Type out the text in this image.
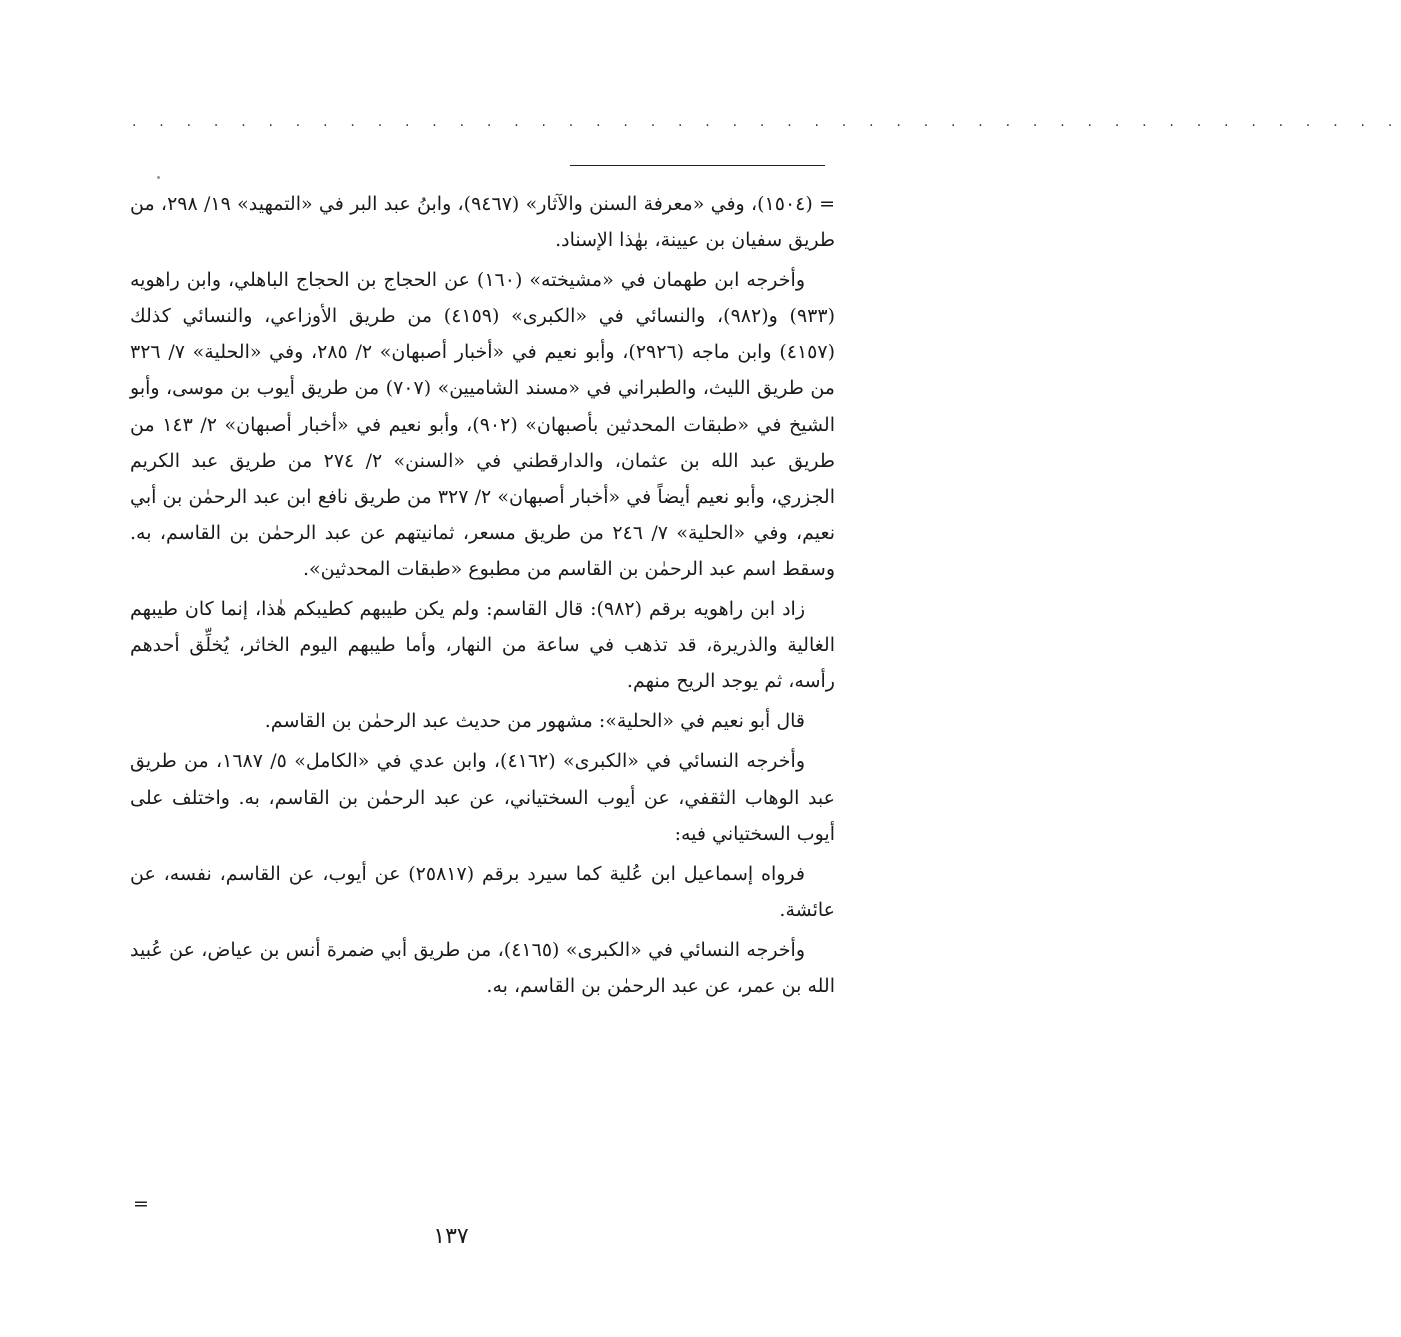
. . . . . . . . . . . . . . . . . . . . . . . . . . . . . . . . . . . . . . . . . . . . . . .

= (١٥٠٤)، وفي «معرفة السنن والآثار» (٩٤٦٧)، وابنُ عبد البر في «التمهيد» ١٩/ ٢٩٨، من طريق سفيان بن عيينة، بهٰذا الإسناد.

وأخرجه ابن طهمان في «مشيخته» (١٦٠) عن الحجاج بن الحجاج الباهلي، وابن راهويه (٩٣٣) و(٩٨٢)، والنسائي في «الكبرى» (٤١٥٩) من طريق الأوزاعي، والنسائي كذلك (٤١٥٧) وابن ماجه (٢٩٢٦)، وأبو نعيم في «أخبار أصبهان» ٢/ ٢٨٥، وفي «الحلية» ٧/ ٣٢٦ من طريق الليث، والطبراني في «مسند الشاميين» (٧٠٧) من طريق أيوب بن موسى، وأبو الشيخ في «طبقات المحدثين بأصبهان» (٩٠٢)، وأبو نعيم في «أخبار أصبهان» ٢/ ١٤٣ من طريق عبد الله بن عثمان، والدارقطني في «السنن» ٢/ ٢٧٤ من طريق عبد الكريم الجزري، وأبو نعيم أيضاً في «أخبار أصبهان» ٢/ ٣٢٧ من طريق نافع ابن عبد الرحمٰن بن أبي نعيم، وفي «الحلية» ٧/ ٢٤٦ من طريق مسعر، ثمانيتهم عن عبد الرحمٰن بن القاسم، به. وسقط اسم عبد الرحمٰن بن القاسم من مطبوع «طبقات المحدثين».

زاد ابن راهويه برقم (٩٨٢): قال القاسم: ولم يكن طيبهم كطيبكم هٰذا، إنما كان طيبهم الغالية والذريرة، قد تذهب في ساعة من النهار، وأما طيبهم اليوم الخاثر، يُخلِّق أحدهم رأسه، ثم يوجد الريح منهم.

قال أبو نعيم في «الحلية»: مشهور من حديث عبد الرحمٰن بن القاسم.

وأخرجه النسائي في «الكبرى» (٤١٦٢)، وابن عدي في «الكامل» ٥/ ١٦٨٧، من طريق عبد الوهاب الثقفي، عن أيوب السختياني، عن عبد الرحمٰن بن القاسم، به. واختلف على أيوب السختياني فيه:

فرواه إسماعيل ابن عُلية كما سيرد برقم (٢٥٨١٧) عن أيوب، عن القاسم، نفسه، عن عائشة.

وأخرجه النسائي في «الكبرى» (٤١٦٥)، من طريق أبي ضمرة أنس بن عياض، عن عُبيد الله بن عمر، عن عبد الرحمٰن بن القاسم، به.

=
١٣٧
